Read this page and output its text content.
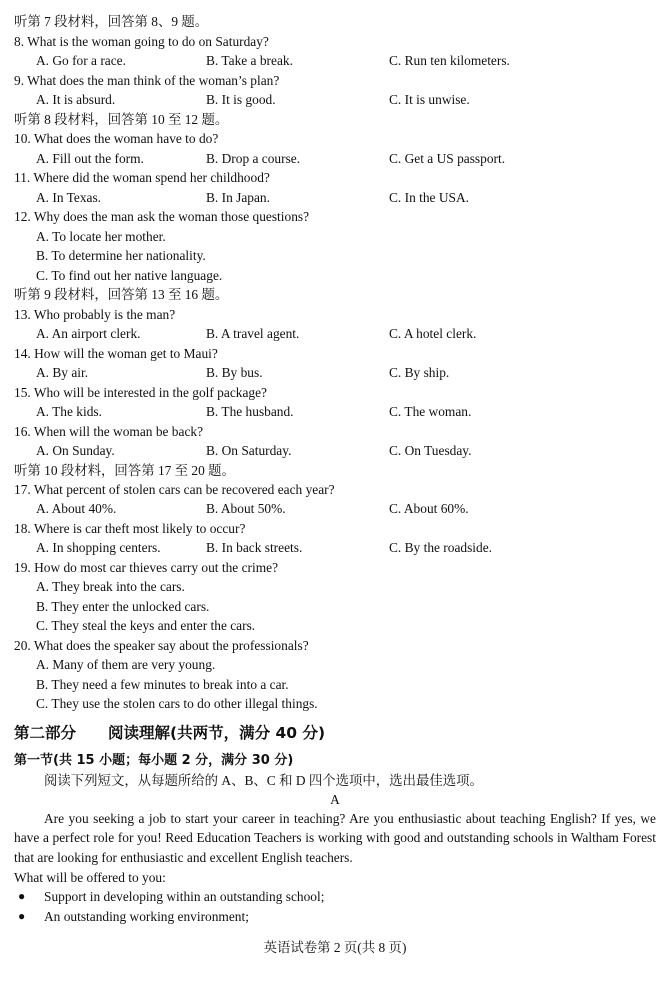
听第 7 段材料，回答第 8、9 题。
8. What is the woman going to do on Saturday?
A. Go for a race.	B. Take a break.	C. Run ten kilometers.
9. What does the man think of the woman’s plan?
A. It is absurd.	B. It is good.	C. It is unwise.
听第 8 段材料，回答第 10 至 12 题。
10. What does the woman have to do?
A. Fill out the form.	B. Drop a course.	C. Get a US passport.
11. Where did the woman spend her childhood?
A. In Texas.	B. In Japan.	C. In the USA.
12. Why does the man ask the woman those questions?
A. To locate her mother.
B. To determine her nationality.
C. To find out her native language.
听第 9 段材料，回答第 13 至 16 题。
13. Who probably is the man?
A. An airport clerk.	B. A travel agent.	C. A hotel clerk.
14. How will the woman get to Maui?
A. By air.	B. By bus.	C. By ship.
15. Who will be interested in the golf package?
A. The kids.	B. The husband.	C. The woman.
16. When will the woman be back?
A. On Sunday.	B. On Saturday.	C. On Tuesday.
听第 10 段材料，回答第 17 至 20 题。
17. What percent of stolen cars can be recovered each year?
A. About 40%.	B. About 50%.	C. About 60%.
18. Where is car theft most likely to occur?
A. In shopping centers.	B. In back streets.	C. By the roadside.
19. How do most car thieves carry out the crime?
A. They break into the cars.
B. They enter the unlocked cars.
C. They steal the keys and enter the cars.
20. What does the speaker say about the professionals?
A. Many of them are very young.
B. They need a few minutes to break into a car.
C. They use the stolen cars to do other illegal things.
第二部分 阅读理解(共两节，满分 40 分)
第一节(共 15 小题；每小题 2 分，满分 30 分)
阅读下列短文，从每题所给的 A、B、C 和 D 四个选项中，选出最佳选项。
A
Are you seeking a job to start your career in teaching? Are you enthusiastic about teaching English? If yes, we have a perfect role for you! Reed Education Teachers is working with good and outstanding schools in Waltham Forest that are looking for enthusiastic and excellent English teachers.
What will be offered to you:
● Support in developing within an outstanding school;
● An outstanding working environment;
英语试卷第 2 页(共 8 页)
